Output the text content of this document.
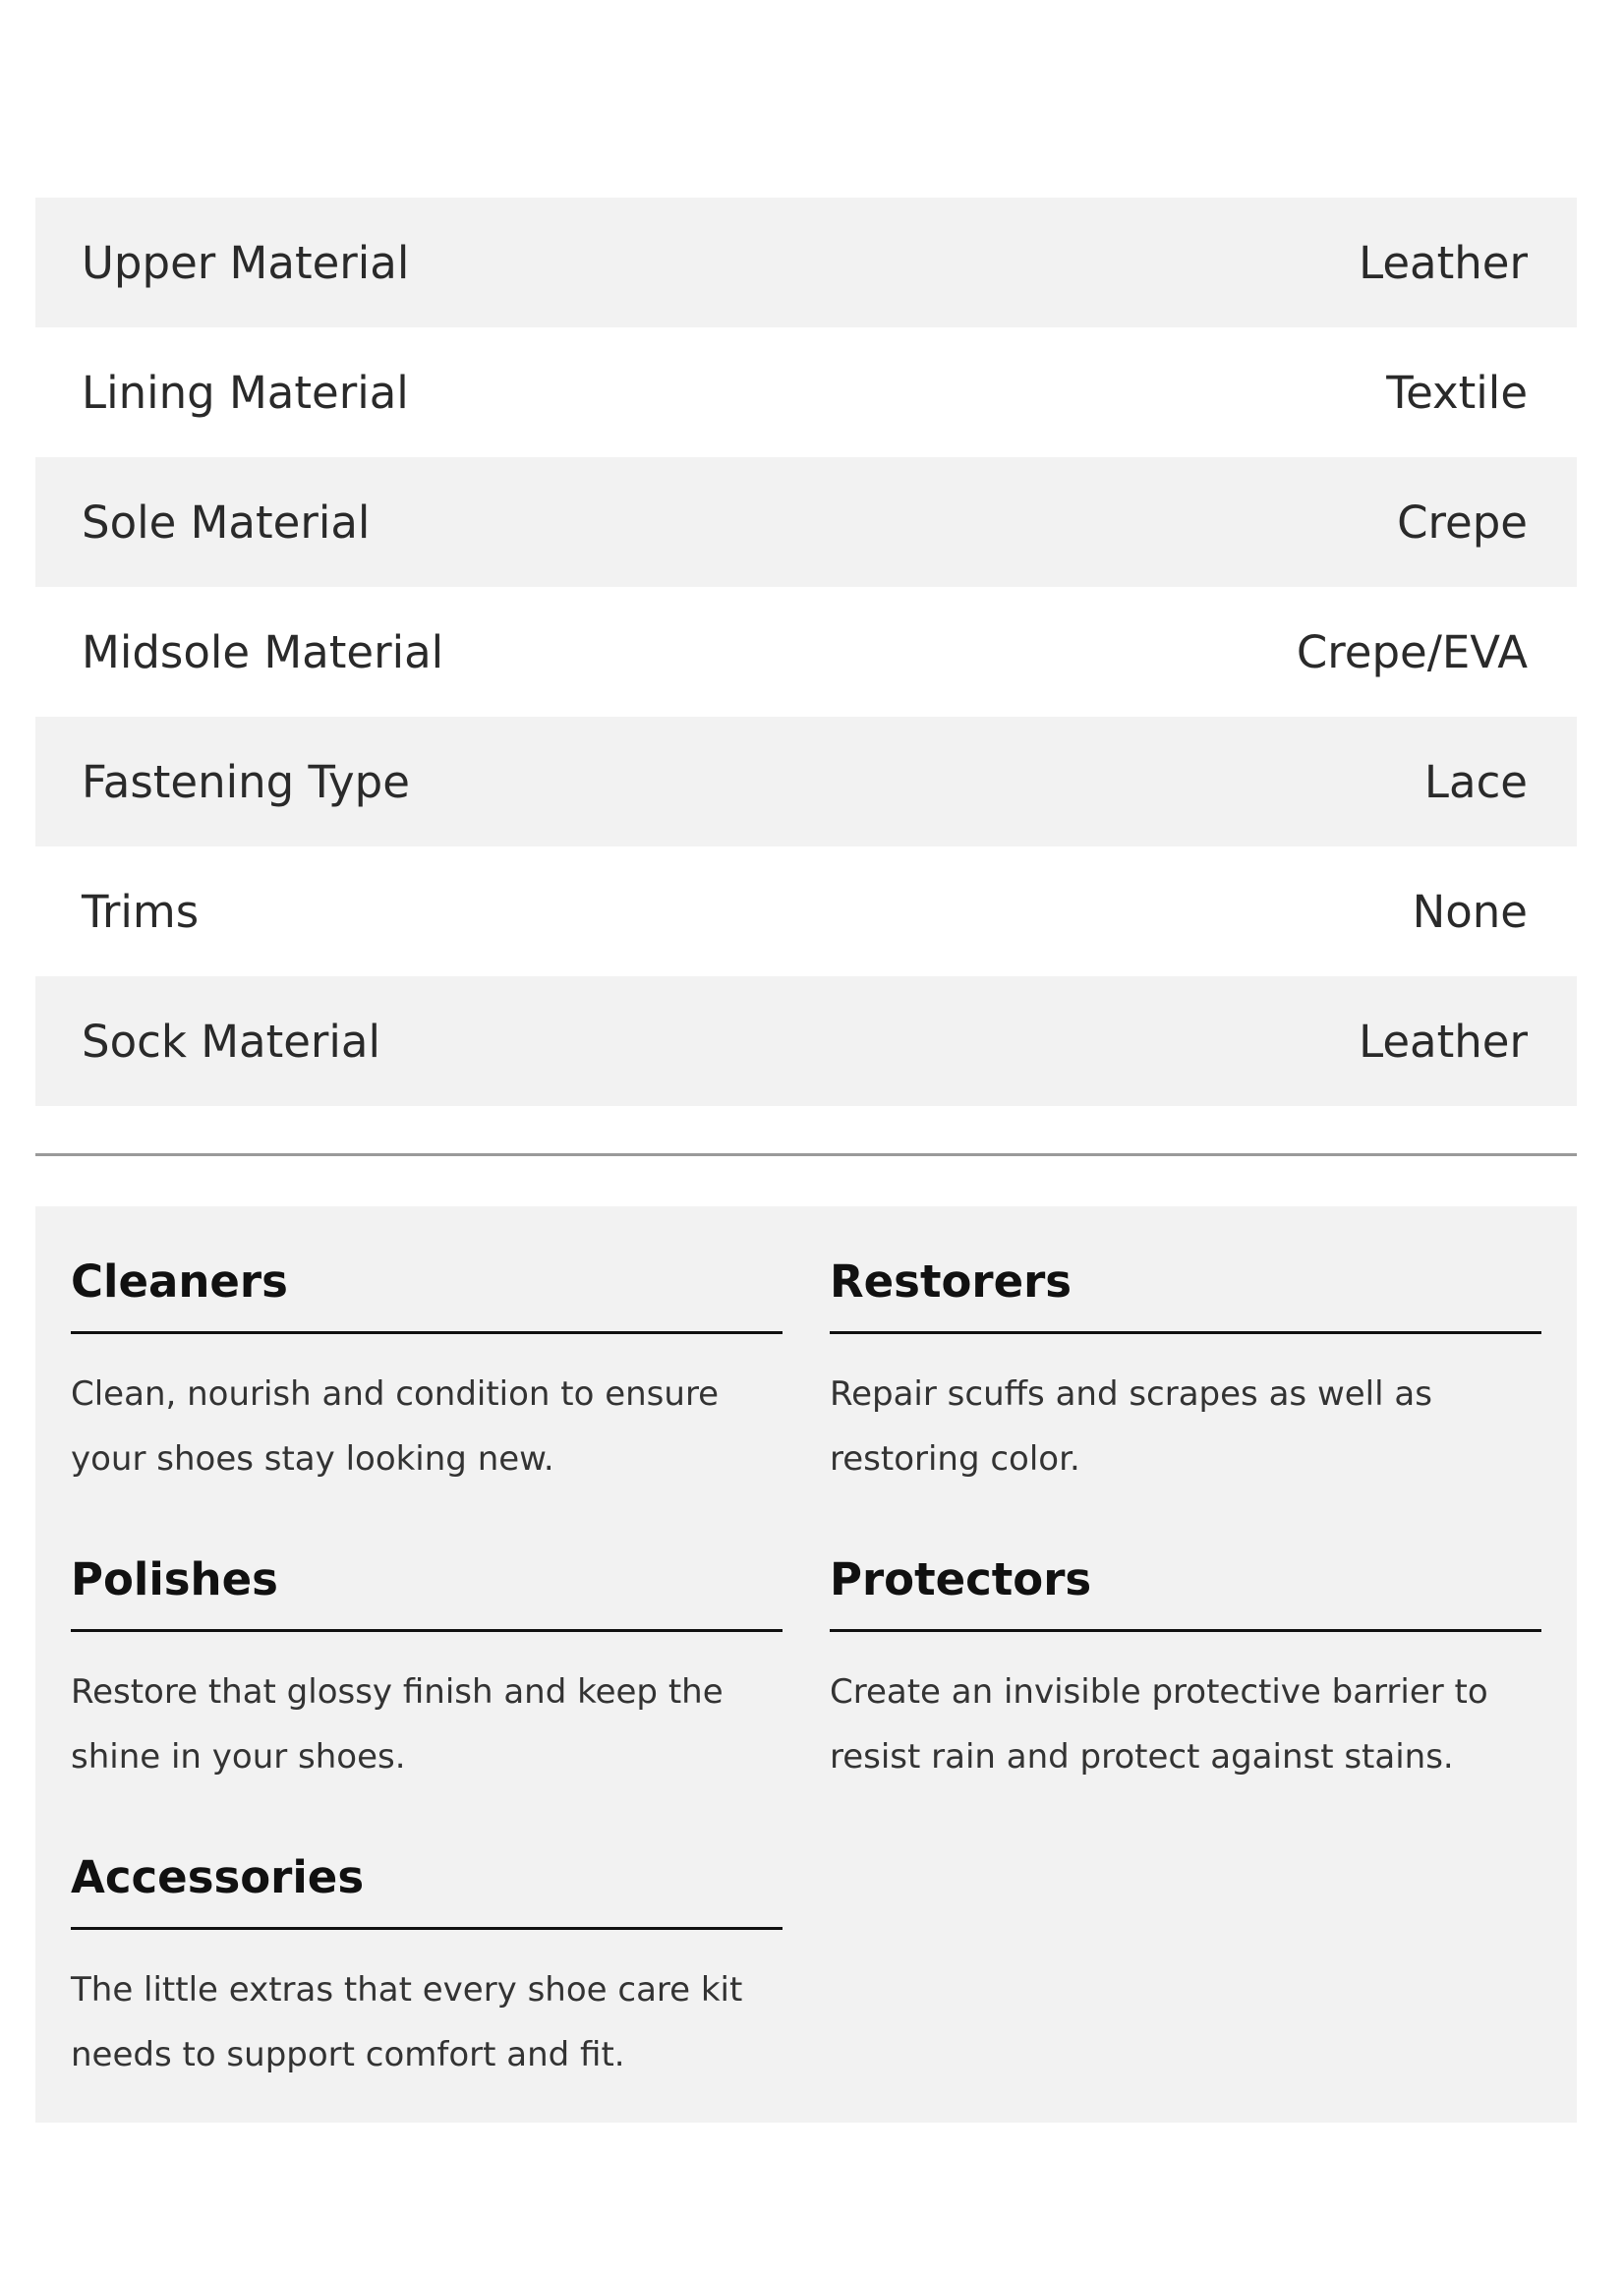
Upper Material	Leather
Lining Material	Textile
Sole Material	Crepe
Midsole Material	Crepe/EVA
Fastening Type	Lace
Trims	None
Sock Material	Leather
Cleaners
Clean, nourish and condition to ensure your shoes stay looking new.
Restorers
Repair scuffs and scrapes as well as restoring color.
Polishes
Restore that glossy finish and keep the shine in your shoes.
Protectors
Create an invisible protective barrier to resist rain and protect against stains.
Accessories
The little extras that every shoe care kit needs to support comfort and fit.
